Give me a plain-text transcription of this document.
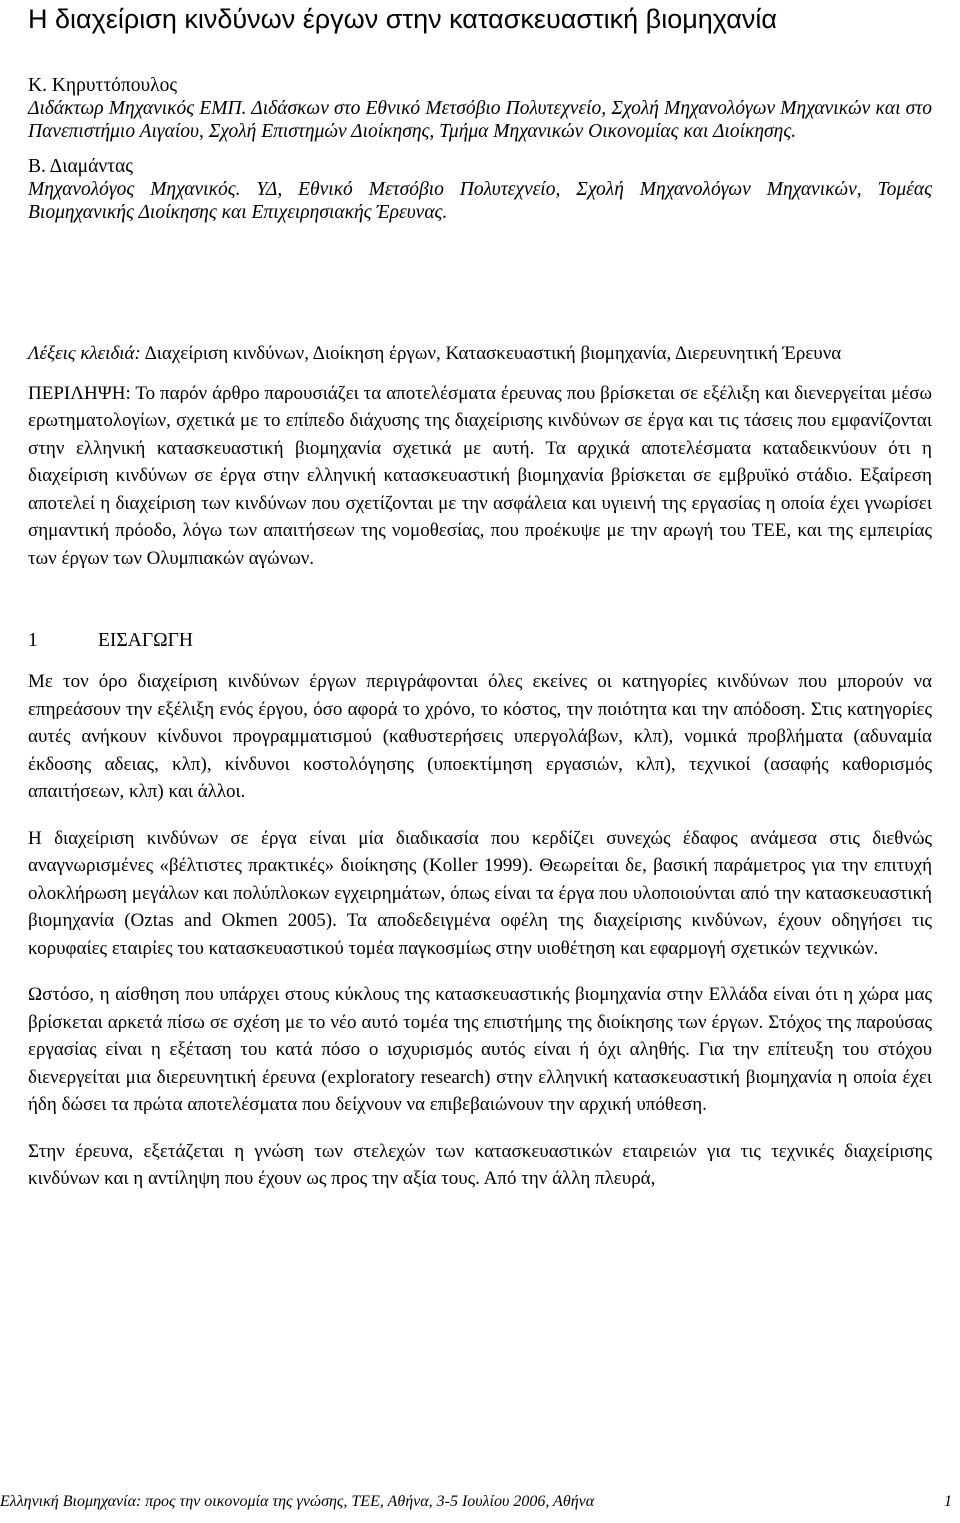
Η διαχείριση κινδύνων έργων στην κατασκευαστική βιομηχανία
Κ. Κηρυττόπουλος
Διδάκτωρ Μηχανικός ΕΜΠ. Διδάσκων στο Εθνικό Μετσόβιο Πολυτεχνείο, Σχολή Μηχανολόγων Μηχανικών και στο Πανεπιστήμιο Αιγαίου, Σχολή Επιστημών Διοίκησης, Τμήμα Μηχανικών Οικονομίας και Διοίκησης.
Β. Διαμάντας
Μηχανολόγος Μηχανικός. ΥΔ, Εθνικό Μετσόβιο Πολυτεχνείο, Σχολή Μηχανολόγων Μηχανικών, Τομέας Βιομηχανικής Διοίκησης και Επιχειρησιακής Έρευνας.

Λέξεις κλειδιά: Διαχείριση κινδύνων, Διοίκηση έργων, Κατασκευαστική βιομηχανία, Διερευνητική Έρευνα

ΠΕΡΙΛΗΨΗ: Το παρόν άρθρο παρουσιάζει τα αποτελέσματα έρευνας που βρίσκεται σε εξέλιξη και διενεργείται μέσω ερωτηματολογίων, σχετικά με το επίπεδο διάχυσης της διαχείρισης κινδύνων σε έργα και τις τάσεις που εμφανίζονται στην ελληνική κατασκευαστική βιομηχανία σχετικά με αυτή. Τα αρχικά αποτελέσματα καταδεικνύουν ότι η διαχείριση κινδύνων σε έργα στην ελληνική κατασκευαστική βιομηχανία βρίσκεται σε εμβρυϊκό στάδιο. Εξαίρεση αποτελεί η διαχείριση των κινδύνων που σχετίζονται με την ασφάλεια και υγιεινή της εργασίας η οποία έχει γνωρίσει σημαντική πρόοδο, λόγω των απαιτήσεων της νομοθεσίας, που προέκυψε με την αρωγή του ΤΕΕ, και της εμπειρίας των έργων των Ολυμπιακών αγώνων.

1	ΕΙΣΑΓΩΓΗ

Με τον όρο διαχείριση κινδύνων έργων περιγράφονται όλες εκείνες οι κατηγορίες κινδύνων που μπορούν να επηρεάσουν την εξέλιξη ενός έργου, όσο αφορά το χρόνο, το κόστος, την ποιότητα και την απόδοση. Στις κατηγορίες αυτές ανήκουν κίνδυνοι προγραμματισμού (καθυστερήσεις υπεργολάβων, κλπ), νομικά προβλήματα (αδυναμία έκδοσης αδειας, κλπ), κίνδυνοι κοστολόγησης (υποεκτίμηση εργασιών, κλπ), τεχνικοί (ασαφής καθορισμός απαιτήσεων, κλπ) και άλλοι.

Η διαχείριση κινδύνων σε έργα είναι μία διαδικασία που κερδίζει συνεχώς έδαφος ανάμεσα στις διεθνώς αναγνωρισμένες «βέλτιστες πρακτικές» διοίκησης (Koller 1999). Θεωρείται δε, βασική παράμετρος για την επιτυχή ολοκλήρωση μεγάλων και πολύπλοκων εγχειρημάτων, όπως είναι τα έργα που υλοποιούνται από την κατασκευαστική βιομηχανία (Oztas and Okmen 2005). Τα αποδεδειγμένα οφέλη της διαχείρισης κινδύνων, έχουν οδηγήσει τις κορυφαίες εταιρίες του κατασκευαστικού τομέα παγκοσμίως στην υιοθέτηση και εφαρμογή σχετικών τεχνικών.

Ωστόσο, η αίσθηση που υπάρχει στους κύκλους της κατασκευαστικής βιομηχανία στην Ελλάδα είναι ότι η χώρα μας βρίσκεται αρκετά πίσω σε σχέση με το νέο αυτό τομέα της επιστήμης της διοίκησης των έργων. Στόχος της παρούσας εργασίας είναι η εξέταση του κατά πόσο ο ισχυρισμός αυτός είναι ή όχι αληθής. Για την επίτευξη του στόχου διενεργείται μια διερευνητική έρευνα (exploratory research) στην ελληνική κατασκευαστική βιομηχανία η οποία έχει ήδη δώσει τα πρώτα αποτελέσματα που δείχνουν να επιβεβαιώνουν την αρχική υπόθεση.

Στην έρευνα, εξετάζεται η γνώση των στελεχών των κατασκευαστικών εταιρειών για τις τεχνικές διαχείρισης κινδύνων και η αντίληψη που έχουν ως προς την αξία τους. Από την άλλη πλευρά,

Ελληνική Βιομηχανία: προς την οικονομία της γνώσης, ΤΕΕ, Αθήνα, 3-5 Ιουλίου 2006, Αθήνα	1
